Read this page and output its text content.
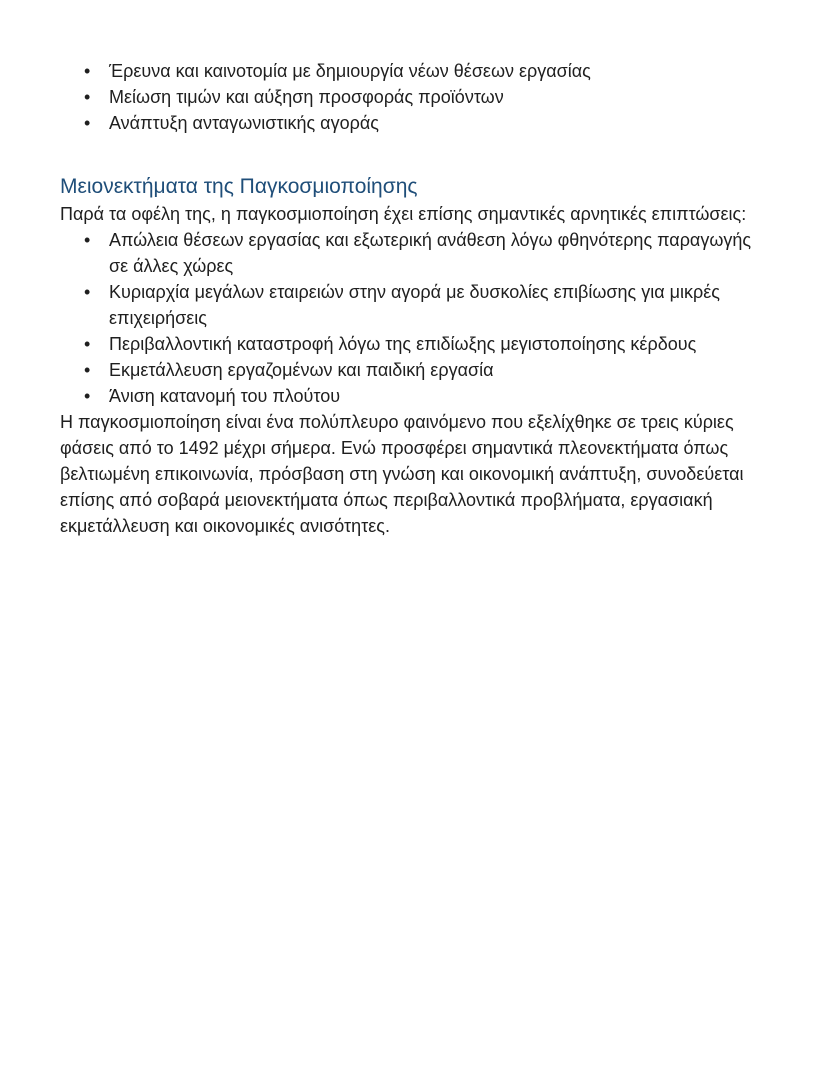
• Έρευνα και καινοτομία με δημιουργία νέων θέσεων εργασίας
• Μείωση τιμών και αύξηση προσφοράς προϊόντων
• Ανάπτυξη ανταγωνιστικής αγοράς
Μειονεκτήματα της Παγκοσμιοποίησης

Παρά τα οφέλη της, η παγκοσμιοποίηση έχει επίσης σημαντικές αρνητικές επιπτώσεις:

• Απώλεια θέσεων εργασίας και εξωτερική ανάθεση λόγω φθηνότερης παραγωγής σε άλλες χώρες
• Κυριαρχία μεγάλων εταιρειών στην αγορά με δυσκολίες επιβίωσης για μικρές επιχειρήσεις
• Περιβαλλοντική καταστροφή λόγω της επιδίωξης μεγιστοποίησης κέρδους
• Εκμετάλλευση εργαζομένων και παιδική εργασία
• Άνιση κατανομή του πλούτου

Η παγκοσμιοποίηση είναι ένα πολύπλευρο φαινόμενο που εξελίχθηκε σε τρεις κύριες φάσεις από το 1492 μέχρι σήμερα. Ενώ προσφέρει σημαντικά πλεονεκτήματα όπως βελτιωμένη επικοινωνία, πρόσβαση στη γνώση και οικονομική ανάπτυξη, συνοδεύεται επίσης από σοβαρά μειονεκτήματα όπως περιβαλλοντικά προβλήματα, εργασιακή εκμετάλλευση και οικονομικές ανισότητες.
